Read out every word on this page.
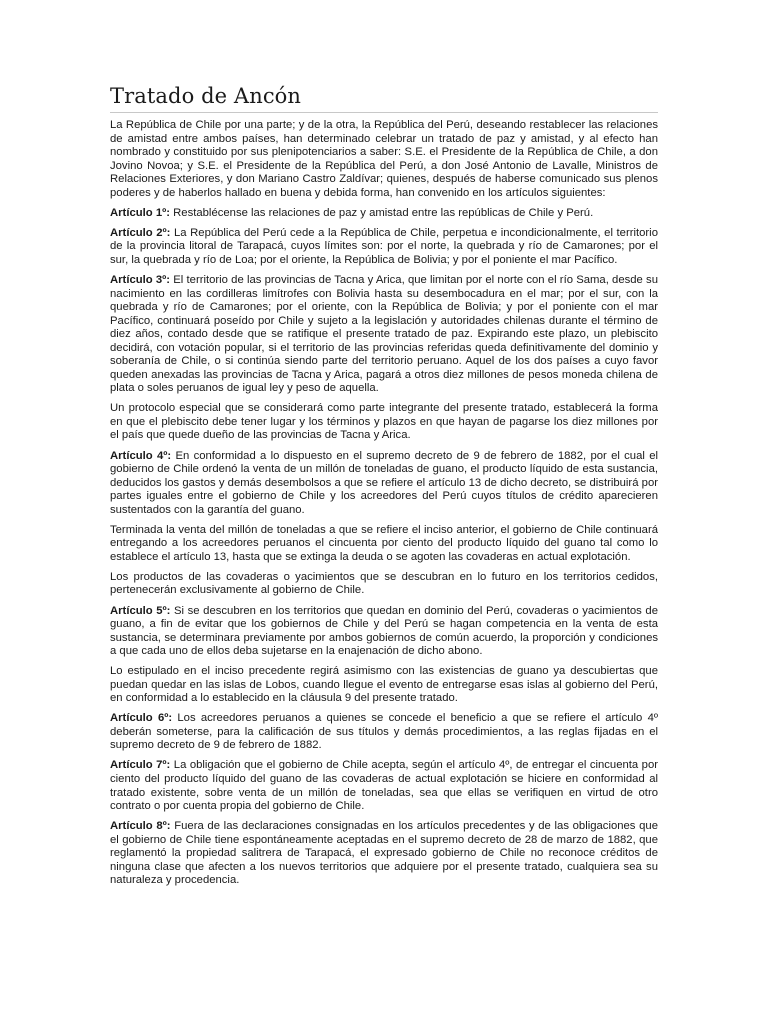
Tratado de Ancón

La República de Chile por una parte; y de la otra, la República del Perú, deseando restablecer las relaciones de amistad entre ambos países, han determinado celebrar un tratado de paz y amistad, y al efecto han nombrado y constituido por sus plenipotenciarios a saber: S.E. el Presidente de la República de Chile, a don Jovino Novoa; y S.E. el Presidente de la República del Perú, a don José Antonio de Lavalle, Ministros de Relaciones Exteriores, y don Mariano Castro Zaldívar; quienes, después de haberse comunicado sus plenos poderes y de haberlos hallado en buena y debida forma, han convenido en los artículos siguientes:

Artículo 1º: Restablécense las relaciones de paz y amistad entre las repúblicas de Chile y Perú.

Artículo 2º: La República del Perú cede a la República de Chile, perpetua e incondicionalmente, el territorio de la provincia litoral de Tarapacá, cuyos límites son: por el norte, la quebrada y río de Camarones; por el sur, la quebrada y río de Loa; por el oriente, la República de Bolivia; y por el poniente el mar Pacífico.

Artículo 3º: El territorio de las provincias de Tacna y Arica, que limitan por el norte con el río Sama, desde su nacimiento en las cordilleras limítrofes con Bolivia hasta su desembocadura en el mar; por el sur, con la quebrada y río de Camarones; por el oriente, con la República de Bolivia; y por el poniente con el mar Pacífico, continuará poseído por Chile y sujeto a la legislación y autoridades chilenas durante el término de diez años, contado desde que se ratifique el presente tratado de paz. Expirando este plazo, un plebiscito decidirá, con votación popular, si el territorio de las provincias referidas queda definitivamente del dominio y soberanía de Chile, o si continúa siendo parte del territorio peruano. Aquel de los dos países a cuyo favor queden anexadas las provincias de Tacna y Arica, pagará a otros diez millones de pesos moneda chilena de plata o soles peruanos de igual ley y peso de aquella.

Un protocolo especial que se considerará como parte integrante del presente tratado, establecerá la forma en que el plebiscito debe tener lugar y los términos y plazos en que hayan de pagarse los diez millones por el país que quede dueño de las provincias de Tacna y Arica.

Artículo 4º: En conformidad a lo dispuesto en el supremo decreto de 9 de febrero de 1882, por el cual el gobierno de Chile ordenó la venta de un millón de toneladas de guano, el producto líquido de esta sustancia, deducidos los gastos y demás desembolsos a que se refiere el artículo 13 de dicho decreto, se distribuirá por partes iguales entre el gobierno de Chile y los acreedores del Perú cuyos títulos de crédito aparecieren sustentados con la garantía del guano.

Terminada la venta del millón de toneladas a que se refiere el inciso anterior, el gobierno de Chile continuará entregando a los acreedores peruanos el cincuenta por ciento del producto líquido del guano tal como lo establece el artículo 13, hasta que se extinga la deuda o se agoten las covaderas en actual explotación.

Los productos de las covaderas o yacimientos que se descubran en lo futuro en los territorios cedidos, pertenecerán exclusivamente al gobierno de Chile.

Artículo 5º: Si se descubren en los territorios que quedan en dominio del Perú, covaderas o yacimientos de guano, a fin de evitar que los gobiernos de Chile y del Perú se hagan competencia en la venta de esta sustancia, se determinara previamente por ambos gobiernos de común acuerdo, la proporción y condiciones a que cada uno de ellos deba sujetarse en la enajenación de dicho abono.

Lo estipulado en el inciso precedente regirá asimismo con las existencias de guano ya descubiertas que puedan quedar en las islas de Lobos, cuando llegue el evento de entregarse esas islas al gobierno del Perú, en conformidad a lo establecido en la cláusula 9 del presente tratado.

Artículo 6º: Los acreedores peruanos a quienes se concede el beneficio a que se refiere el artículo 4º deberán someterse, para la calificación de sus títulos y demás procedimientos, a las reglas fijadas en el supremo decreto de 9 de febrero de 1882.

Artículo 7º: La obligación que el gobierno de Chile acepta, según el artículo 4º, de entregar el cincuenta por ciento del producto líquido del guano de las covaderas de actual explotación se hiciere en conformidad al tratado existente, sobre venta de un millón de toneladas, sea que ellas se verifiquen en virtud de otro contrato o por cuenta propia del gobierno de Chile.

Artículo 8º: Fuera de las declaraciones consignadas en los artículos precedentes y de las obligaciones que el gobierno de Chile tiene espontáneamente aceptadas en el supremo decreto de 28 de marzo de 1882, que reglamentó la propiedad salitrera de Tarapacá, el expresado gobierno de Chile no reconoce créditos de ninguna clase que afecten a los nuevos territorios que adquiere por el presente tratado, cualquiera sea su naturaleza y procedencia.
